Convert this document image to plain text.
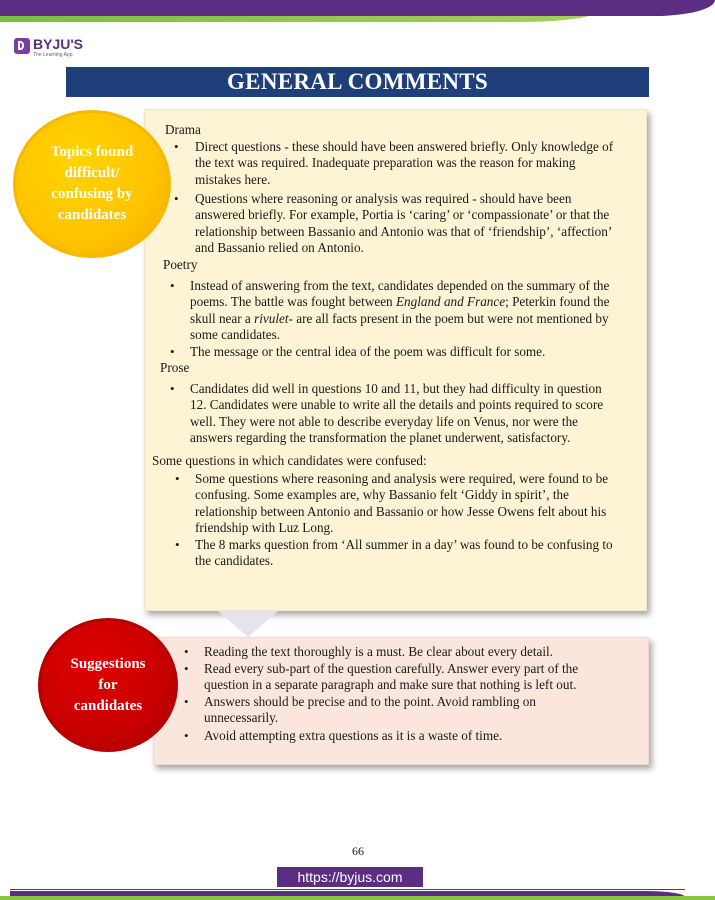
BYJU'S
The Learning App
GENERAL COMMENTS
Topics found
difficult/
confusing by
candidates
Suggestions
for
candidates
Drama
•
Direct questions - these should have been answered briefly. Only knowledge of
the text was required. Inadequate preparation was the reason for making
mistakes here.
•
Questions where reasoning or analysis was required - should have been
answered briefly. For example, Portia is ‘caring’ or ‘compassionate’ or that the
relationship between Bassanio and Antonio was that of ‘friendship’, ‘affection’
and Bassanio relied on Antonio.
Poetry
•
Instead of answering from the text, candidates depended on the summary of the
poems. The battle was fought between England and France; Peterkin found the
skull near a rivulet- are all facts present in the poem but were not mentioned by
some candidates.
•
The message or the central idea of the poem was difficult for some.
Prose
•
Candidates did well in questions 10 and 11, but they had difficulty in question
12. Candidates were unable to write all the details and points required to score
well. They were not able to describe everyday life on Venus, nor were the
answers regarding the transformation the planet underwent, satisfactory.
Some questions in which candidates were confused:
•
Some questions where reasoning and analysis were required, were found to be
confusing. Some examples are, why Bassanio felt ‘Giddy in spirit’, the
relationship between Antonio and Bassanio or how Jesse Owens felt about his
friendship with Luz Long.
•
The 8 marks question from ‘All summer in a day’ was found to be confusing to
the candidates.
•
Reading the text thoroughly is a must. Be clear about every detail.
•
Read every sub-part of the question carefully. Answer every part of the
question in a separate paragraph and make sure that nothing is left out.
•
Answers should be precise and to the point. Avoid rambling on
unnecessarily.
•
Avoid attempting extra questions as it is a waste of time.
66
https://byjus.com
